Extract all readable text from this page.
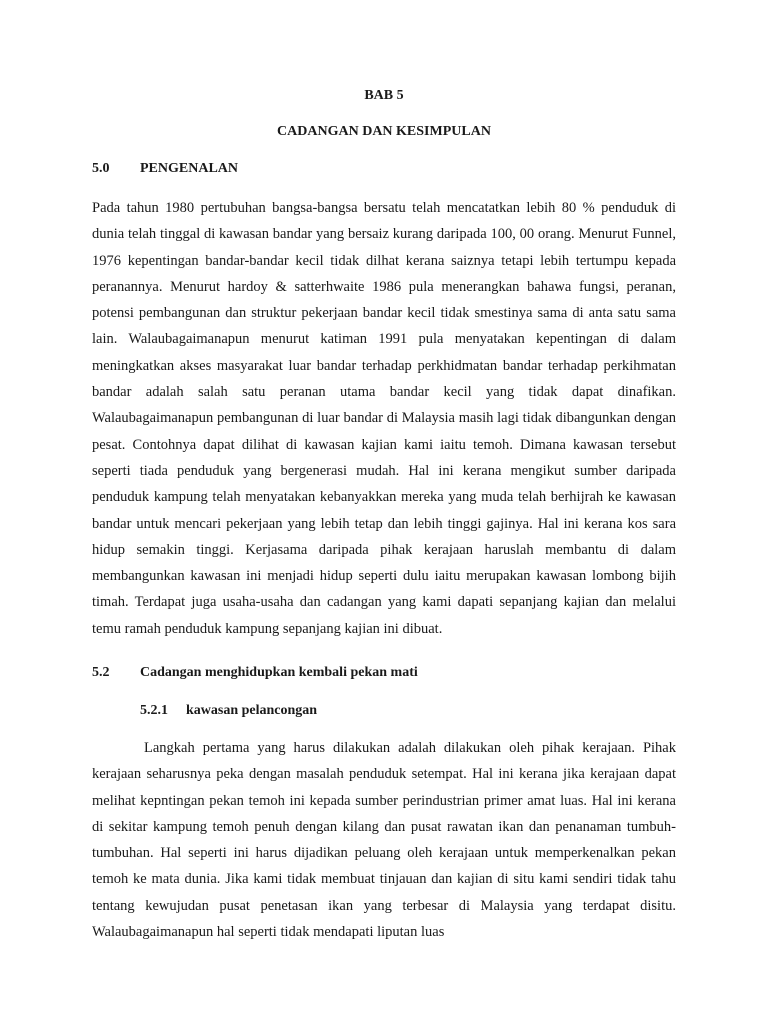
BAB 5
CADANGAN DAN KESIMPULAN
5.0 PENGENALAN

Pada tahun 1980 pertubuhan bangsa-bangsa bersatu telah mencatatkan lebih 80 % penduduk di dunia telah tinggal di kawasan bandar yang bersaiz kurang daripada 100, 00 orang. Menurut Funnel, 1976 kepentingan bandar-bandar kecil tidak dilhat kerana saiznya tetapi lebih tertumpu kepada peranannya. Menurut hardoy & satterhwaite 1986 pula menerangkan bahawa fungsi, peranan, potensi pembangunan dan struktur pekerjaan bandar kecil tidak smestinya sama di anta satu sama lain. Walaubagaimanapun menurut katiman 1991 pula menyatakan kepentingan di dalam meningkatkan akses masyarakat luar bandar terhadap perkhidmatan bandar terhadap perkihmatan bandar adalah salah satu peranan utama bandar kecil yang tidak dapat dinafikan. Walaubagaimanapun pembangunan di luar bandar di Malaysia masih lagi tidak dibangunkan dengan pesat. Contohnya dapat dilihat di kawasan kajian kami iaitu temoh. Dimana kawasan tersebut seperti tiada penduduk yang bergenerasi mudah. Hal ini kerana mengikut sumber daripada penduduk kampung telah menyatakan kebanyakkan mereka yang muda telah berhijrah ke kawasan bandar untuk mencari pekerjaan yang lebih tetap dan lebih tinggi gajinya. Hal ini kerana kos sara hidup semakin tinggi. Kerjasama daripada pihak kerajaan haruslah membantu di dalam membangunkan kawasan ini menjadi hidup seperti dulu iaitu merupakan kawasan lombong bijih timah. Terdapat juga usaha-usaha dan cadangan yang kami dapati sepanjang kajian dan melalui temu ramah penduduk kampung sepanjang kajian ini dibuat.

5.2 Cadangan menghidupkan kembali pekan mati
5.2.1 kawasan pelancongan

Langkah pertama yang harus dilakukan adalah dilakukan oleh pihak kerajaan. Pihak kerajaan seharusnya peka dengan masalah penduduk setempat. Hal ini kerana jika kerajaan dapat melihat kepntingan pekan temoh ini kepada sumber perindustrian primer amat luas. Hal ini kerana di sekitar kampung temoh penuh dengan kilang dan pusat rawatan ikan dan penanaman tumbuh-tumbuhan. Hal seperti ini harus dijadikan peluang oleh kerajaan untuk memperkenalkan pekan temoh ke mata dunia. Jika kami tidak membuat tinjauan dan kajian di situ kami sendiri tidak tahu tentang kewujudan pusat penetasan ikan yang terbesar di Malaysia yang terdapat disitu. Walaubagaimanapun hal seperti tidak mendapati liputan luas
